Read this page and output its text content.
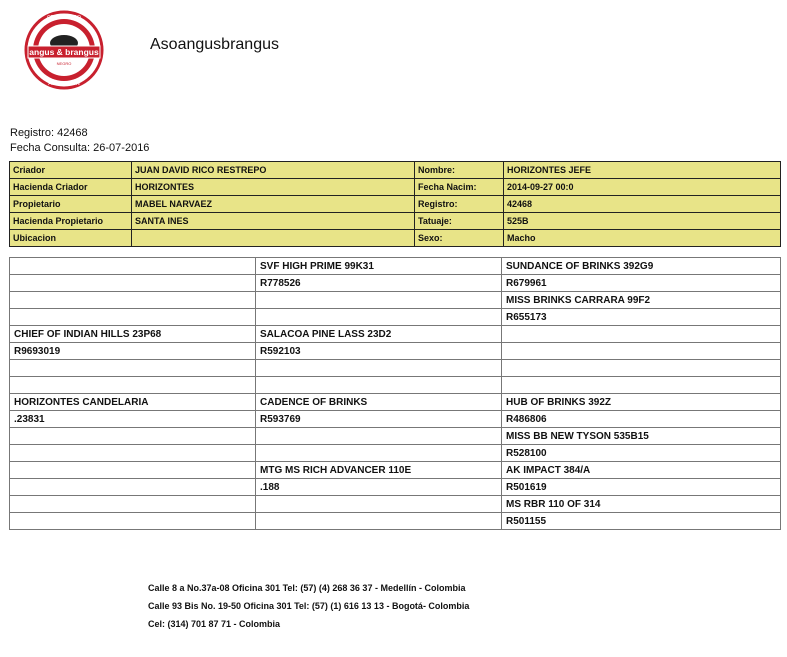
angus & brangus
CERTIFICADO
NEGRO
ASOCIACION
Asoangusbrangus
Registro: 42468
Fecha Consulta: 26-07-2016
Criador	JUAN DAVID RICO RESTREPO	Nombre:	HORIZONTES JEFE
Hacienda Criador	HORIZONTES	Fecha Nacim:	2014-09-27 00:0
Propietario	MABEL NARVAEZ	Registro:	42468
Hacienda Propietario	SANTA INES	Tatuaje:	525B
Ubicacion		Sexo:	Macho
	SVF HIGH PRIME 99K31	SUNDANCE OF BRINKS 392G9
	R778526	R679961
		MISS BRINKS CARRARA 99F2
		R655173
CHIEF OF INDIAN HILLS 23P68	SALACOA PINE LASS 23D2	
R9693019	R592103	

HORIZONTES CANDELARIA	CADENCE OF BRINKS	HUB OF BRINKS 392Z
.23831	R593769	R486806
		MISS BB NEW TYSON 535B15
		R528100
	MTG MS RICH ADVANCER 110E	AK IMPACT 384/A
	.188	R501619
		MS RBR 110 OF 314
		R501155
Calle 8 a No.37a-08 Oficina 301 Tel: (57) (4) 268 36 37 - Medellín - Colombia
Calle 93 Bis No. 19-50 Oficina 301 Tel: (57) (1) 616 13 13 - Bogotá- Colombia
Cel: (314) 701 87 71 - Colombia
